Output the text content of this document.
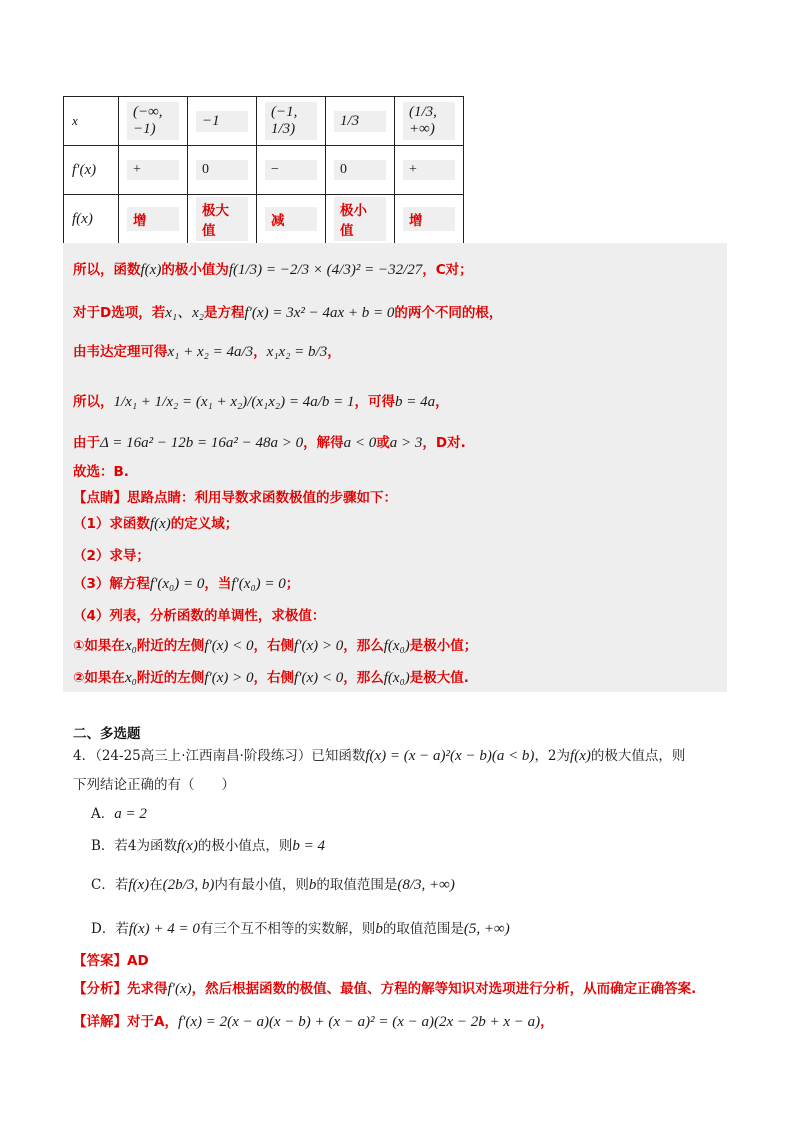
x	(−∞, −1)	−1	(−1, 1/3)	1/3	(1/3, +∞)
f′(x)	+	0	−	0	+
f(x)	增	极大值	减	极小值	增
所以，函数f(x)的极小值为f(1/3) = −2/3 × (4/3)² = −32/27，C对；
对于D选项，若x₁、x₂是方程f′(x) = 3x² − 4ax + b = 0的两个不同的根，
由韦达定理可得x₁ + x₂ = 4a/3，x₁x₂ = b/3，
所以，1/x₁ + 1/x₂ = (x₁ + x₂)/(x₁x₂) = 4a/b = 1，可得b = 4a，
由于Δ = 16a² − 12b = 16a² − 48a > 0，解得a < 0或a > 3，D对.
故选：B.
【点睛】思路点睛：利用导数求函数极值的步骤如下：
（1）求函数f(x)的定义域；
（2）求导；
（3）解方程f′(x₀) = 0，当f′(x₀) = 0；
（4）列表，分析函数的单调性，求极值：
①如果在x₀附近的左侧f′(x) < 0，右侧f′(x) > 0，那么f(x₀)是极小值；
②如果在x₀附近的左侧f′(x) > 0，右侧f′(x) < 0，那么f(x₀)是极大值.
二、多选题
4．（24-25高三上·江西南昌·阶段练习）已知函数f(x) = (x − a)²(x − b)(a < b)，2为f(x)的极大值点，则
下列结论正确的有（　　）
A．a = 2
B．若4为函数f(x)的极小值点，则b = 4
C．若f(x)在(2b/3, b)内有最小值，则b的取值范围是(8/3, +∞)
D．若f(x) + 4 = 0有三个互不相等的实数解，则b的取值范围是(5, +∞)
【答案】AD
【分析】先求得f′(x)，然后根据函数的极值、最值、方程的解等知识对选项进行分析，从而确定正确答案.
【详解】对于A，f′(x) = 2(x − a)(x − b) + (x − a)² = (x − a)(2x − 2b + x − a)，
